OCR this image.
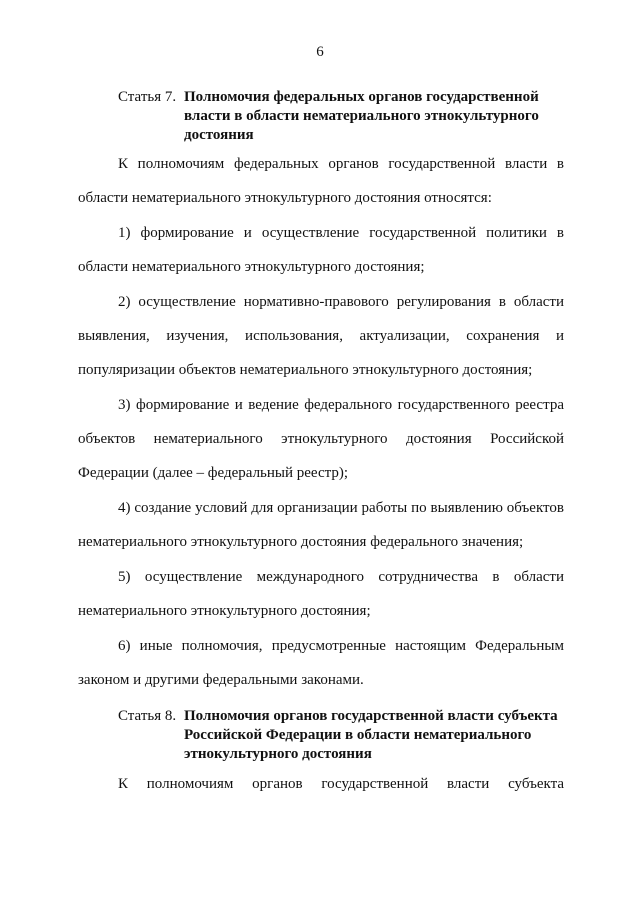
6
Статья 7. Полномочия федеральных органов государственной
власти в области нематериального этнокультурного
достояния
К полномочиям федеральных органов государственной власти в
области нематериального этнокультурного достояния относятся:
1) формирование и осуществление государственной политики в
области нематериального этнокультурного достояния;
2) осуществление нормативно-правового регулирования в области
выявления, изучения, использования, актуализации, сохранения и
популяризации объектов нематериального этнокультурного достояния;
3) формирование и ведение федерального государственного реестра
объектов нематериального этнокультурного достояния Российской
Федерации (далее – федеральный реестр);
4) создание условий для организации работы по выявлению объектов
нематериального этнокультурного достояния федерального значения;
5) осуществление международного сотрудничества в области
нематериального этнокультурного достояния;
6) иные полномочия, предусмотренные настоящим Федеральным
законом и другими федеральными законами.
Статья 8. Полномочия органов государственной власти субъекта
Российской Федерации в области нематериального
этнокультурного достояния
К полномочиям органов государственной власти субъекта
